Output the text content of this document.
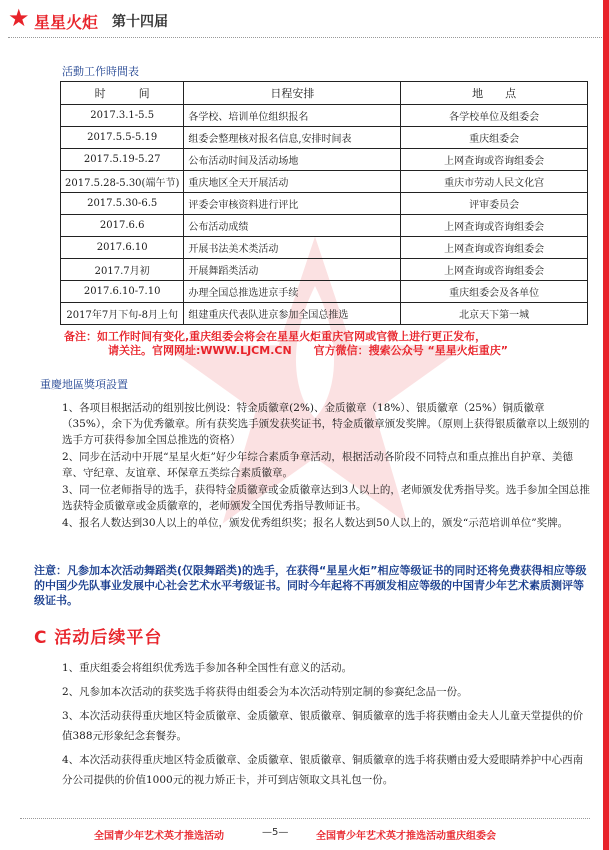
★ 星星火炬 第十四届
活動工作時間表
时　　　间	日程安排	地　　点
2017.3.1-5.5	各学校、培训单位组织报名	各学校单位及组委会
2017.5.5-5.19	组委会整理核对报名信息,安排时间表	重庆组委会
2017.5.19-5.27	公布活动时间及活动场地	上网查询或咨询组委会
2017.5.28-5.30(端午节)	重庆地区全天开展活动	重庆市劳动人民文化宫
2017.5.30-6.5	评委会审核资料进行评比	评审委员会
2017.6.6	公布活动成绩	上网查询或咨询组委会
2017.6.10	开展书法美术类活动	上网查询或咨询组委会
2017.7月初	开展舞蹈类活动	上网查询或咨询组委会
2017.6.10-7.10	办理全国总推选进京手续	重庆组委会及各单位
2017年7月下旬-8月上旬	组建重庆代表队进京参加全国总推选	北京天下第一城
备注：如工作时间有变化,重庆组委会将会在星星火炬重庆官网或官微上进行更正发布，
请关注。官网网址:WWW.LJCM.CN　　官方微信：搜索公众号 “星星火炬重庆”
重慶地區獎項設置

1、各项目根据活动的组别按比例设：特金质徽章(2%)、金质徽章（18%）、银质徽章（25%）铜质徽章（35%），余下为优秀徽章。所有获奖选手颁发获奖证书，特金质徽章颁发奖牌。（原则上获得银质徽章以上级别的选手方可获得参加全国总推选的资格）

2、同步在活动中开展“星星火炬”好少年综合素质争章活动，根据活动各阶段不同特点和重点推出自护章、美德章、守纪章、友谊章、环保章五类综合素质徽章。

3、同一位老师指导的选手，获得特金质徽章或金质徽章达到3人以上的，老师颁发优秀指导奖。选手参加全国总推选获特金质徽章或金质徽章的，老师颁发全国优秀指导教师证书。

4、报名人数达到30人以上的单位，颁发优秀组织奖；报名人数达到50人以上的，颁发“示范培训单位”奖牌。

注意：凡参加本次活动舞蹈类(仅限舞蹈类)的选手，在获得“星星火炬”相应等级证书的同时还将免费获得相应等级的中国少先队事业发展中心社会艺术水平考级证书。同时今年起将不再颁发相应等级的中国青少年艺术素质测评等级证书。
C 活动后续平台

1、重庆组委会将组织优秀选手参加各种全国性有意义的活动。

2、凡参加本次活动的获奖选手将获得由组委会为本次活动特别定制的参赛纪念品一份。

3、本次活动获得重庆地区特金质徽章、金质徽章、银质徽章、铜质徽章的选手将获赠由金夫人儿童天堂提供的价值388元形象纪念套餐券。

4、本次活动获得重庆地区特金质徽章、金质徽章、银质徽章、铜质徽章的选手将获赠由爱大爱眼睛养护中心西南分公司提供的价值1000元的视力矫正卡，并可到店领取文具礼包一份。

全国青少年艺术英才推选活动	—5—	全国青少年艺术英才推选活动重庆组委会
